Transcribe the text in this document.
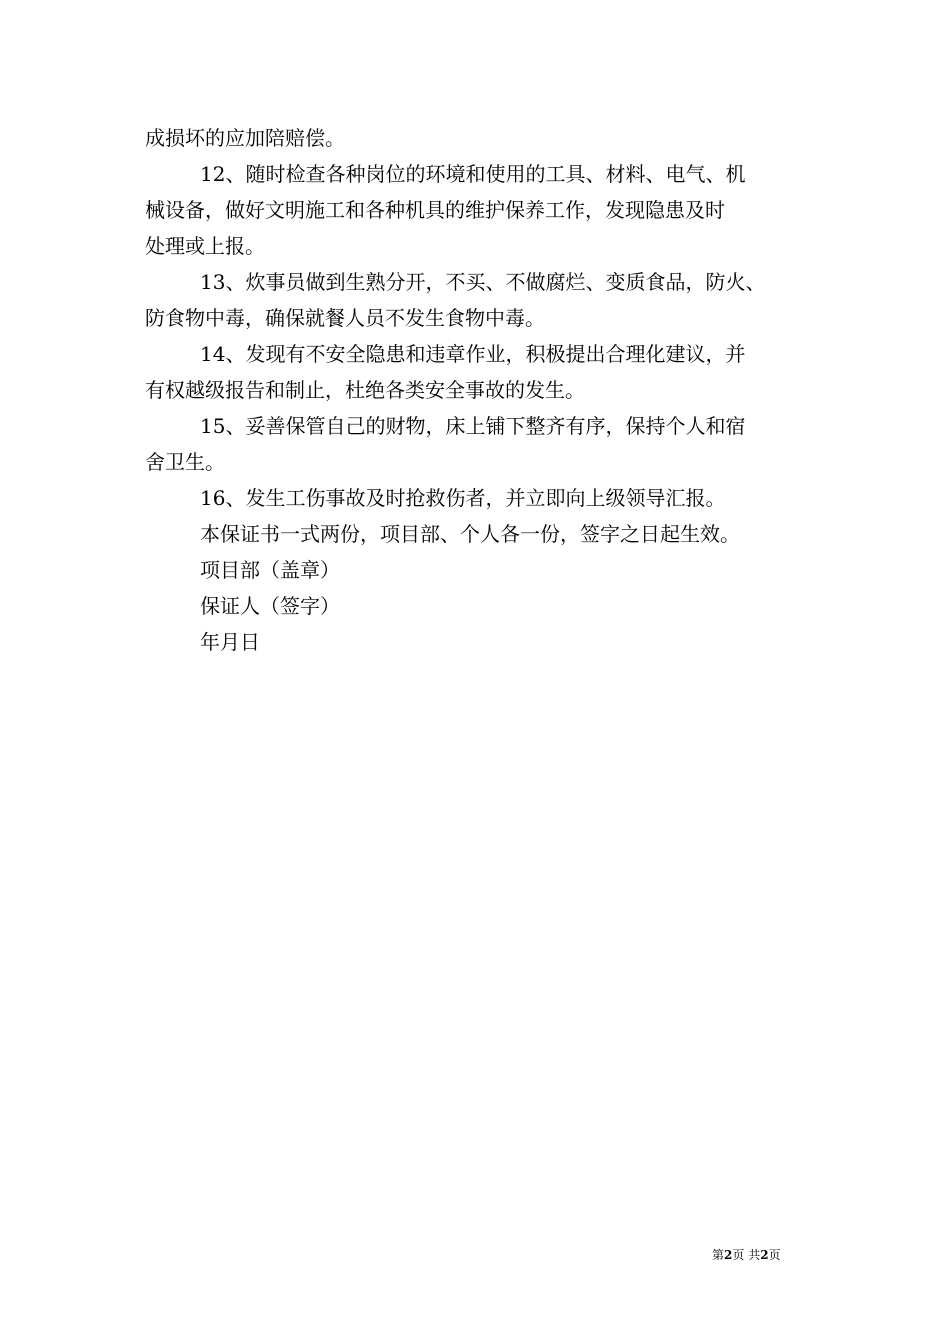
成损坏的应加陪赔偿。
12、随时检查各种岗位的环境和使用的工具、材料、电气、机
械设备，做好文明施工和各种机具的维护保养工作，发现隐患及时
处理或上报。
13、炊事员做到生熟分开，不买、不做腐烂、变质食品，防火、
防食物中毒，确保就餐人员不发生食物中毒。
14、发现有不安全隐患和违章作业，积极提出合理化建议，并
有权越级报告和制止，杜绝各类安全事故的发生。
15、妥善保管自己的财物，床上铺下整齐有序，保持个人和宿
舍卫生。
16、发生工伤事故及时抢救伤者，并立即向上级领导汇报。
本保证书一式两份，项目部、个人各一份，签字之日起生效。
项目部（盖章）
保证人（签字）
年月日
第2页 共2页
